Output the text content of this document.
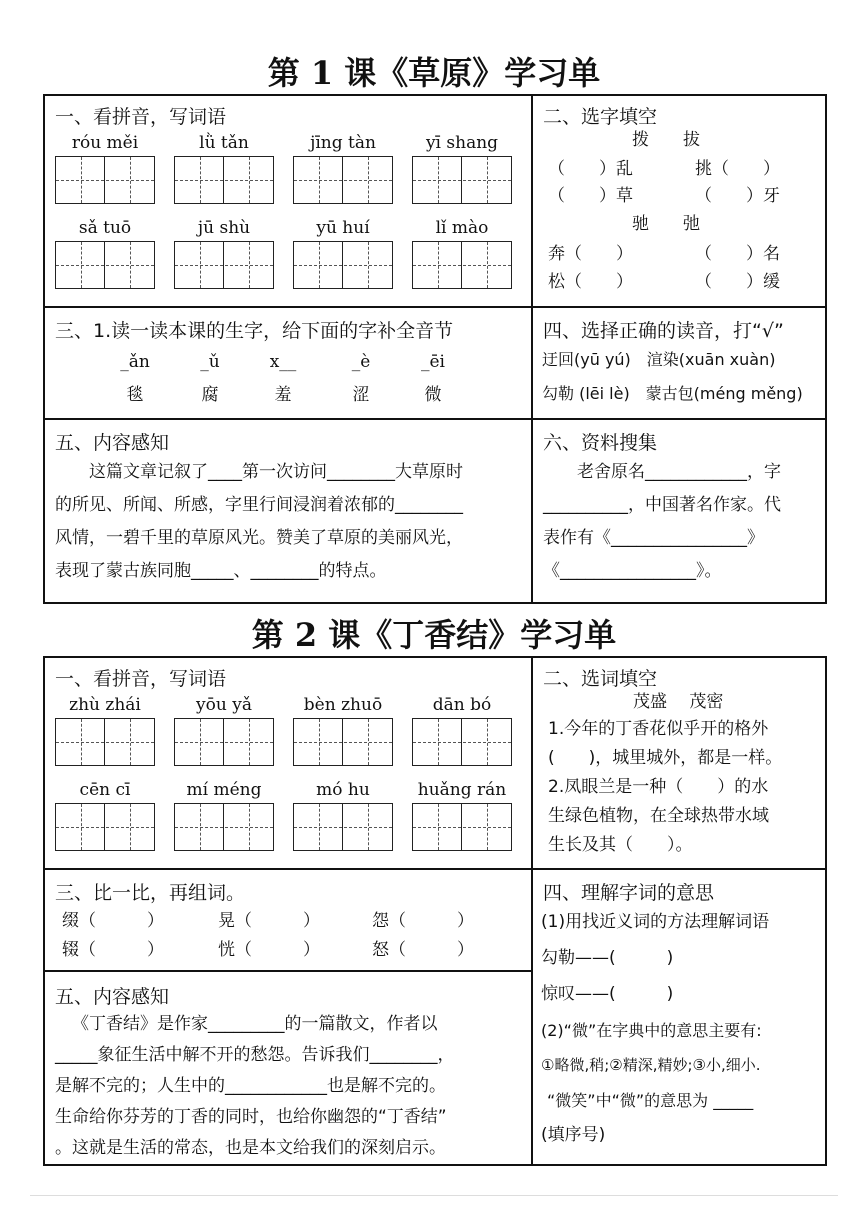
第 1 课《草原》学习单
一、看拼音，写词语
róu měi	lǜ tǎn	jīng tàn	yī shang
sǎ tuō	jū shù	yū huí	lǐ mào
二、选字填空
拨　　拔
（　　）乱	挑（　　）
（　　）草	（　　）牙
驰　　弛
奔（　　）	（　　）名
松（　　）	（　　）缓
三、1.读一读本课的生字，给下面的字补全音节
_ǎn	_ǔ	x__	_è	_ēi
毯	腐	羞	涩	微
四、选择正确的读音，打“√”
迂回(yū yú)　渲染(xuān xuàn)
勾勒 (lēi lè)　蒙古包(méng měng)
五、内容感知
这篇文章记叙了____第一次访问________大草原时
的所见、所闻、所感，字里行间浸润着浓郁的________
风情，一碧千里的草原风光。赞美了草原的美丽风光，
表现了蒙古族同胞_____、________的特点。
六、资料搜集
老舍原名____________，字
__________，中国著名作家。代
表作有《________________》
《________________》。
第 2 课《丁香结》学习单
一、看拼音，写词语
zhù zhái	yōu yǎ	bèn zhuō	dān bó
cēn cī	mí méng	mó hu	huǎng rán
二、选词填空
茂盛　 茂密
1.今年的丁香花似乎开的格外
(　　)，城里城外，都是一样。
2.凤眼兰是一种（　　）的水
生绿色植物，在全球热带水域
生长及其（　　）。
三、比一比，再组词。
缀（　　　）	晃（　　　）	怨（　　　）
辍（　　　）	恍（　　　）	怒（　　　）
四、理解字词的意思
(1)用找近义词的方法理解词语
勾勒——(　　　)
惊叹——(　　　)
(2)“微”在字典中的意思主要有:
①略微,稍;②精深,精妙;③小,细小.
“微笑”中“微”的意思为 _____
(填序号)
五、内容感知
《丁香结》是作家_________的一篇散文，作者以
_____象征生活中解不开的愁怨。告诉我们________，
是解不完的；人生中的____________也是解不完的。
生命给你芬芳的丁香的同时，也给你幽怨的“丁香结”
。这就是生活的常态，也是本文给我们的深刻启示。
